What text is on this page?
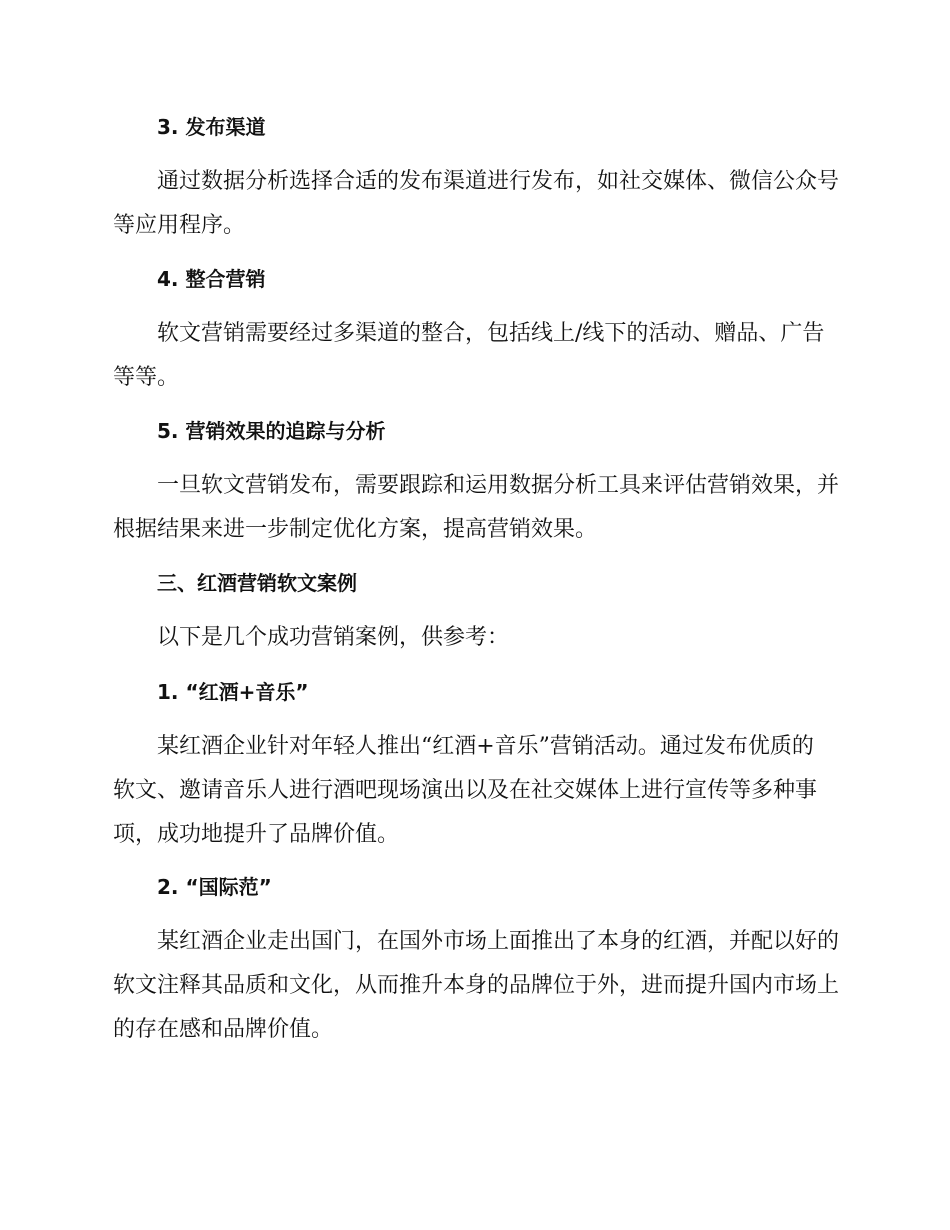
3. 发布渠道
通过数据分析选择合适的发布渠道进行发布，如社交媒体、微信公众号
等应用程序。
4. 整合营销
软文营销需要经过多渠道的整合，包括线上/线下的活动、赠品、广告
等等。
5. 营销效果的追踪与分析
一旦软文营销发布，需要跟踪和运用数据分析工具来评估营销效果，并
根据结果来进一步制定优化方案，提高营销效果。
三、红酒营销软文案例
以下是几个成功营销案例，供参考：
1. “红酒+音乐”
某红酒企业针对年轻人推出“红酒+音乐”营销活动。通过发布优质的
软文、邀请音乐人进行酒吧现场演出以及在社交媒体上进行宣传等多种事
项，成功地提升了品牌价值。
2. “国际范”
某红酒企业走出国门，在国外市场上面推出了本身的红酒，并配以好的
软文注释其品质和文化，从而推升本身的品牌位于外，进而提升国内市场上
的存在感和品牌价值。
